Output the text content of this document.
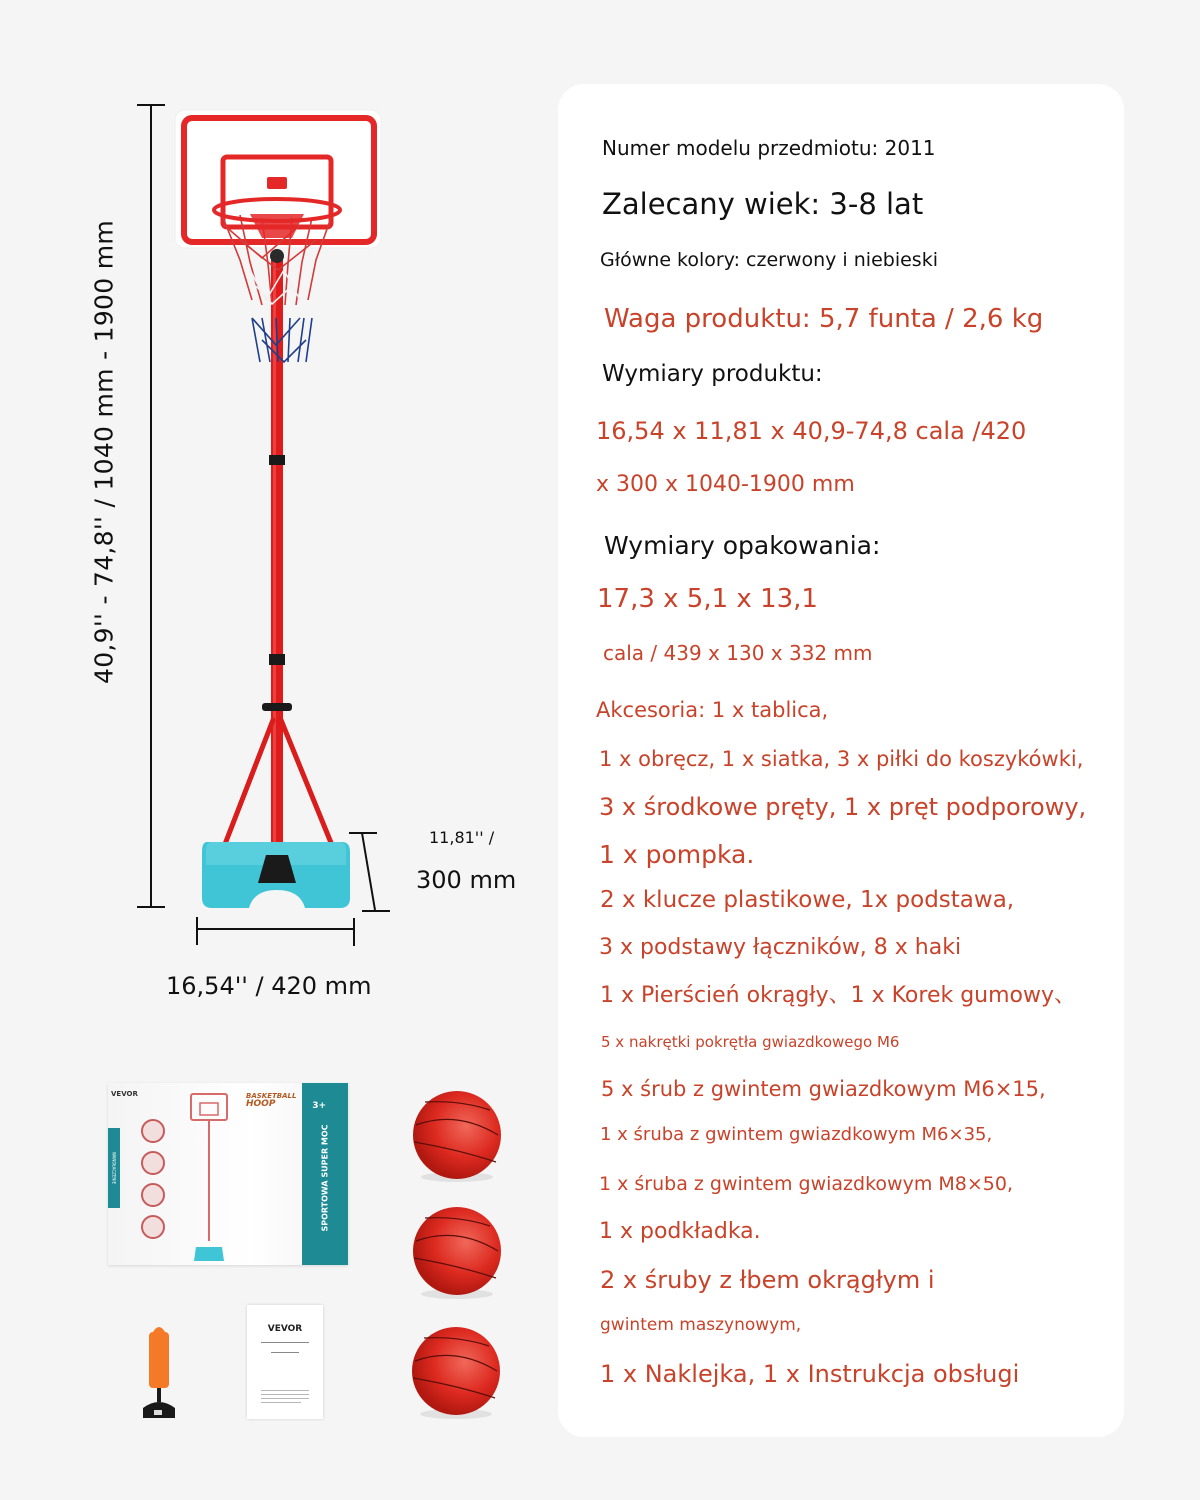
40,9'' - 74,8'' / 1040 mm - 1900 mm
16,54'' / 420 mm
11,81'' /
300 mm
VEVOR
WANDŁACZENIE
BASKETBALL
HOOP	3+
SPORTOWA SUPER MOC
VEVOR
Numer modelu przedmiotu: 2011
Zalecany wiek: 3-8 lat
Główne kolory: czerwony i niebieski
Waga produktu: 5,7 funta / 2,6 kg
Wymiary produktu:
16,54 x 11,81 x 40,9-74,8 cala /420
x 300 x 1040-1900 mm
Wymiary opakowania:
17,3 x 5,1 x 13,1
cala / 439 x 130 x 332 mm
Akcesoria: 1 x tablica,
1 x obręcz, 1 x siatka, 3 x piłki do koszykówki,
3 x środkowe pręty, 1 x pręt podporowy,
1 x pompka.
2 x klucze plastikowe, 1x podstawa,
3 x podstawy łączników, 8 x haki
1 x Pierścień okrągły、1 x Korek gumowy、
5 x nakrętki pokrętła gwiazdkowego M6
5 x śrub z gwintem gwiazdkowym M6×15,
1 x śruba z gwintem gwiazdkowym M6×35,
1 x śruba z gwintem gwiazdkowym M8×50,
1 x podkładka.
2 x śruby z łbem okrągłym i
gwintem maszynowym,
1 x Naklejka, 1 x Instrukcja obsługi
